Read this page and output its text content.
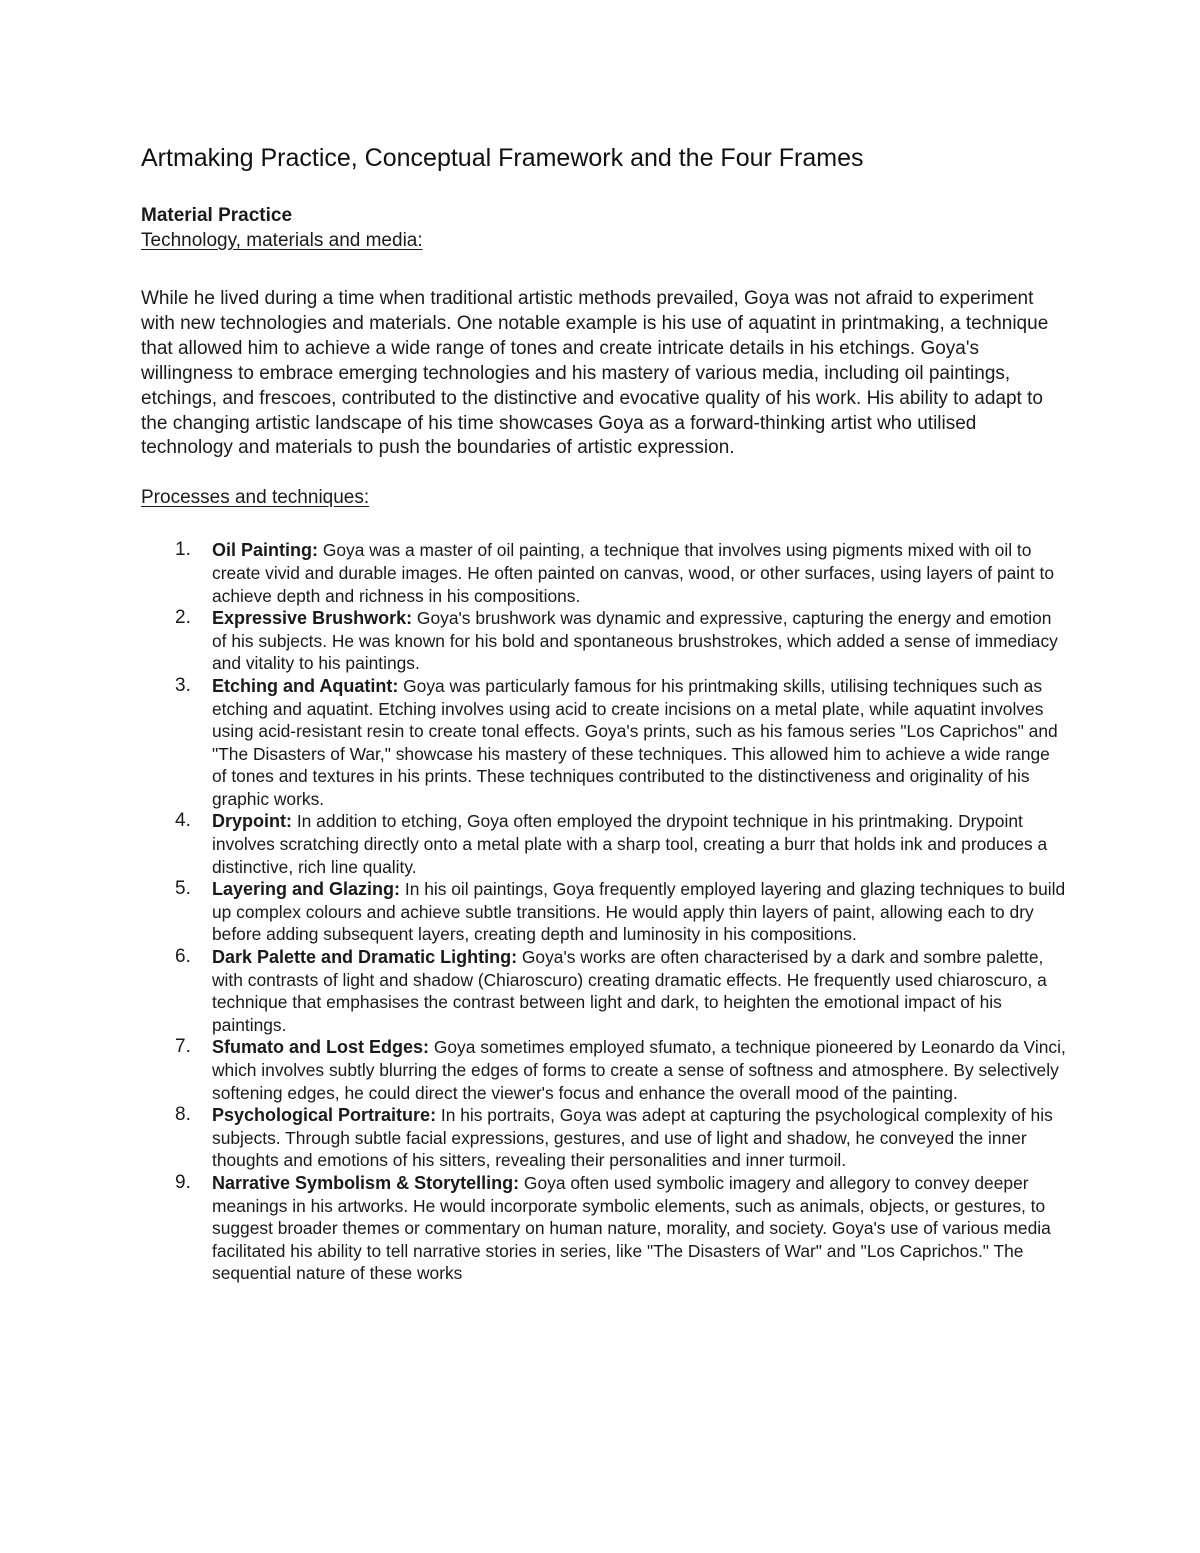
Artmaking Practice, Conceptual Framework and the Four Frames
Material Practice
Technology, materials and media:

While he lived during a time when traditional artistic methods prevailed, Goya was not afraid to experiment with new technologies and materials. One notable example is his use of aquatint in printmaking, a technique that allowed him to achieve a wide range of tones and create intricate details in his etchings. Goya's willingness to embrace emerging technologies and his mastery of various media, including oil paintings, etchings, and frescoes, contributed to the distinctive and evocative quality of his work. His ability to adapt to the changing artistic landscape of his time showcases Goya as a forward-thinking artist who utilised technology and materials to push the boundaries of artistic expression.

Processes and techniques:
1. Oil Painting: Goya was a master of oil painting, a technique that involves using pigments mixed with oil to create vivid and durable images. He often painted on canvas, wood, or other surfaces, using layers of paint to achieve depth and richness in his compositions.
2. Expressive Brushwork: Goya's brushwork was dynamic and expressive, capturing the energy and emotion of his subjects. He was known for his bold and spontaneous brushstrokes, which added a sense of immediacy and vitality to his paintings.
3. Etching and Aquatint: Goya was particularly famous for his printmaking skills, utilising techniques such as etching and aquatint. Etching involves using acid to create incisions on a metal plate, while aquatint involves using acid-resistant resin to create tonal effects. Goya's prints, such as his famous series "Los Caprichos" and "The Disasters of War," showcase his mastery of these techniques. This allowed him to achieve a wide range of tones and textures in his prints. These techniques contributed to the distinctiveness and originality of his graphic works.
4. Drypoint: In addition to etching, Goya often employed the drypoint technique in his printmaking. Drypoint involves scratching directly onto a metal plate with a sharp tool, creating a burr that holds ink and produces a distinctive, rich line quality.
5. Layering and Glazing: In his oil paintings, Goya frequently employed layering and glazing techniques to build up complex colours and achieve subtle transitions. He would apply thin layers of paint, allowing each to dry before adding subsequent layers, creating depth and luminosity in his compositions.
6. Dark Palette and Dramatic Lighting: Goya's works are often characterised by a dark and sombre palette, with contrasts of light and shadow (Chiaroscuro) creating dramatic effects. He frequently used chiaroscuro, a technique that emphasises the contrast between light and dark, to heighten the emotional impact of his paintings.
7. Sfumato and Lost Edges: Goya sometimes employed sfumato, a technique pioneered by Leonardo da Vinci, which involves subtly blurring the edges of forms to create a sense of softness and atmosphere. By selectively softening edges, he could direct the viewer's focus and enhance the overall mood of the painting.
8. Psychological Portraiture: In his portraits, Goya was adept at capturing the psychological complexity of his subjects. Through subtle facial expressions, gestures, and use of light and shadow, he conveyed the inner thoughts and emotions of his sitters, revealing their personalities and inner turmoil.
9. Narrative Symbolism & Storytelling: Goya often used symbolic imagery and allegory to convey deeper meanings in his artworks. He would incorporate symbolic elements, such as animals, objects, or gestures, to suggest broader themes or commentary on human nature, morality, and society. Goya's use of various media facilitated his ability to tell narrative stories in series, like "The Disasters of War" and "Los Caprichos." The sequential nature of these works
